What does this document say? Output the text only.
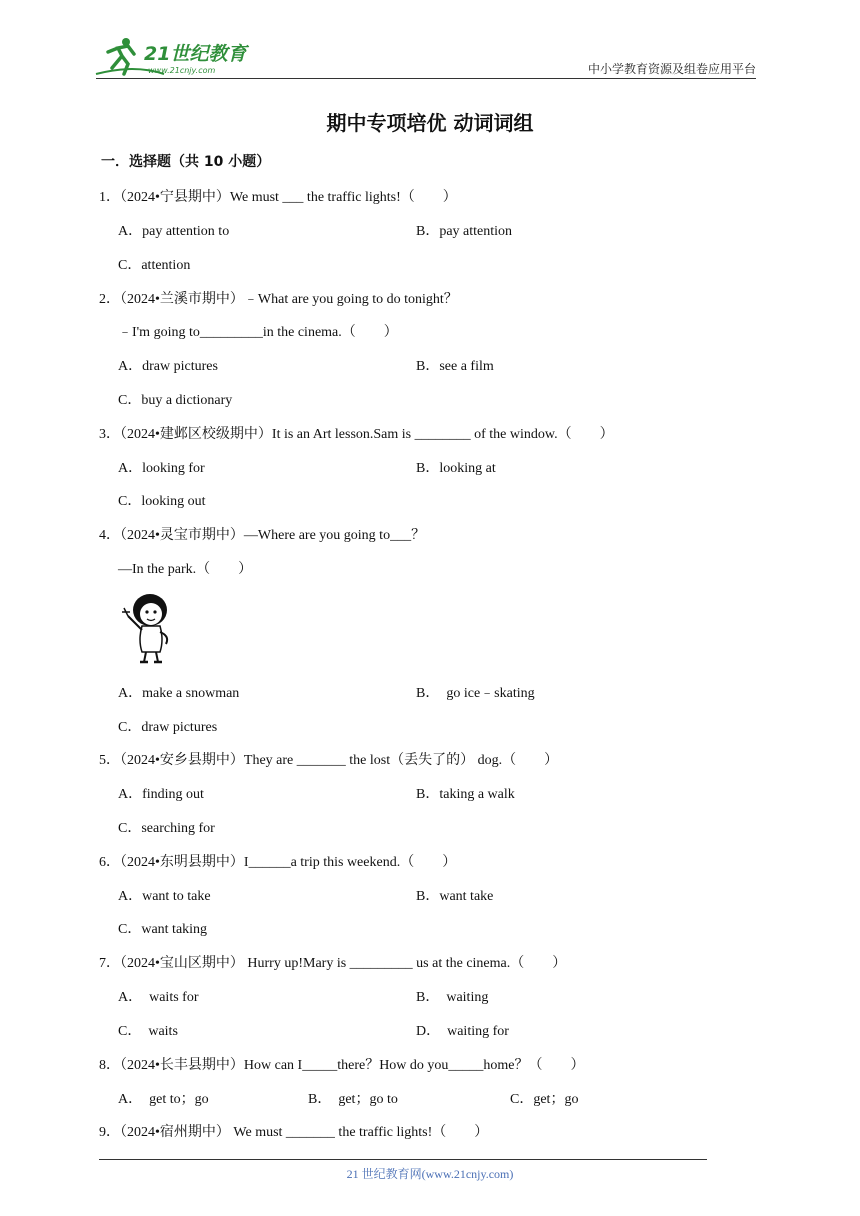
21世纪教育
www.21cnjy.com	中小学教育资源及组卷应用平台
期中专项培优 动词词组
一．选择题（共 10 小题）
1．（2024•宁县期中）We must ___ the traffic lights!（　　）
A．pay attention to	B．pay attention
C．attention
2．（2024•兰溪市期中）﹣What are you going to do tonight？
﹣I'm going to_________in the cinema.（　　）
A．draw pictures	B．see a film
C．buy a dictionary
3．（2024•建邺区校级期中）It is an Art lesson.Sam is ________ of the window.（　　）
A．looking for	B．looking at
C．looking out
4．（2024•灵宝市期中）—Where are you going to___？
—In the park.（　　）
A．make a snowman	B．　go ice﹣skating
C．draw pictures
5．（2024•安乡县期中）They are _______ the lost（丢失了的） dog.（　　）
A．finding out	B．taking a walk
C．searching for
6．（2024•东明县期中）I______a trip this weekend.（　　）
A．want to take	B．want take
C．want taking
7．（2024•宝山区期中） Hurry up!Mary is _________ us at the cinema.（　　）
A．　waits for	B．　waiting
C．　waits	D．　waiting for
8．（2024•长丰县期中）How can I_____there？How do you_____home？（　　）
A．　get to；go	B．　get；go to	C．get；go
9．（2024•宿州期中） We must _______ the traffic lights!（　　）
21 世纪教育网(www.21cnjy.com)
